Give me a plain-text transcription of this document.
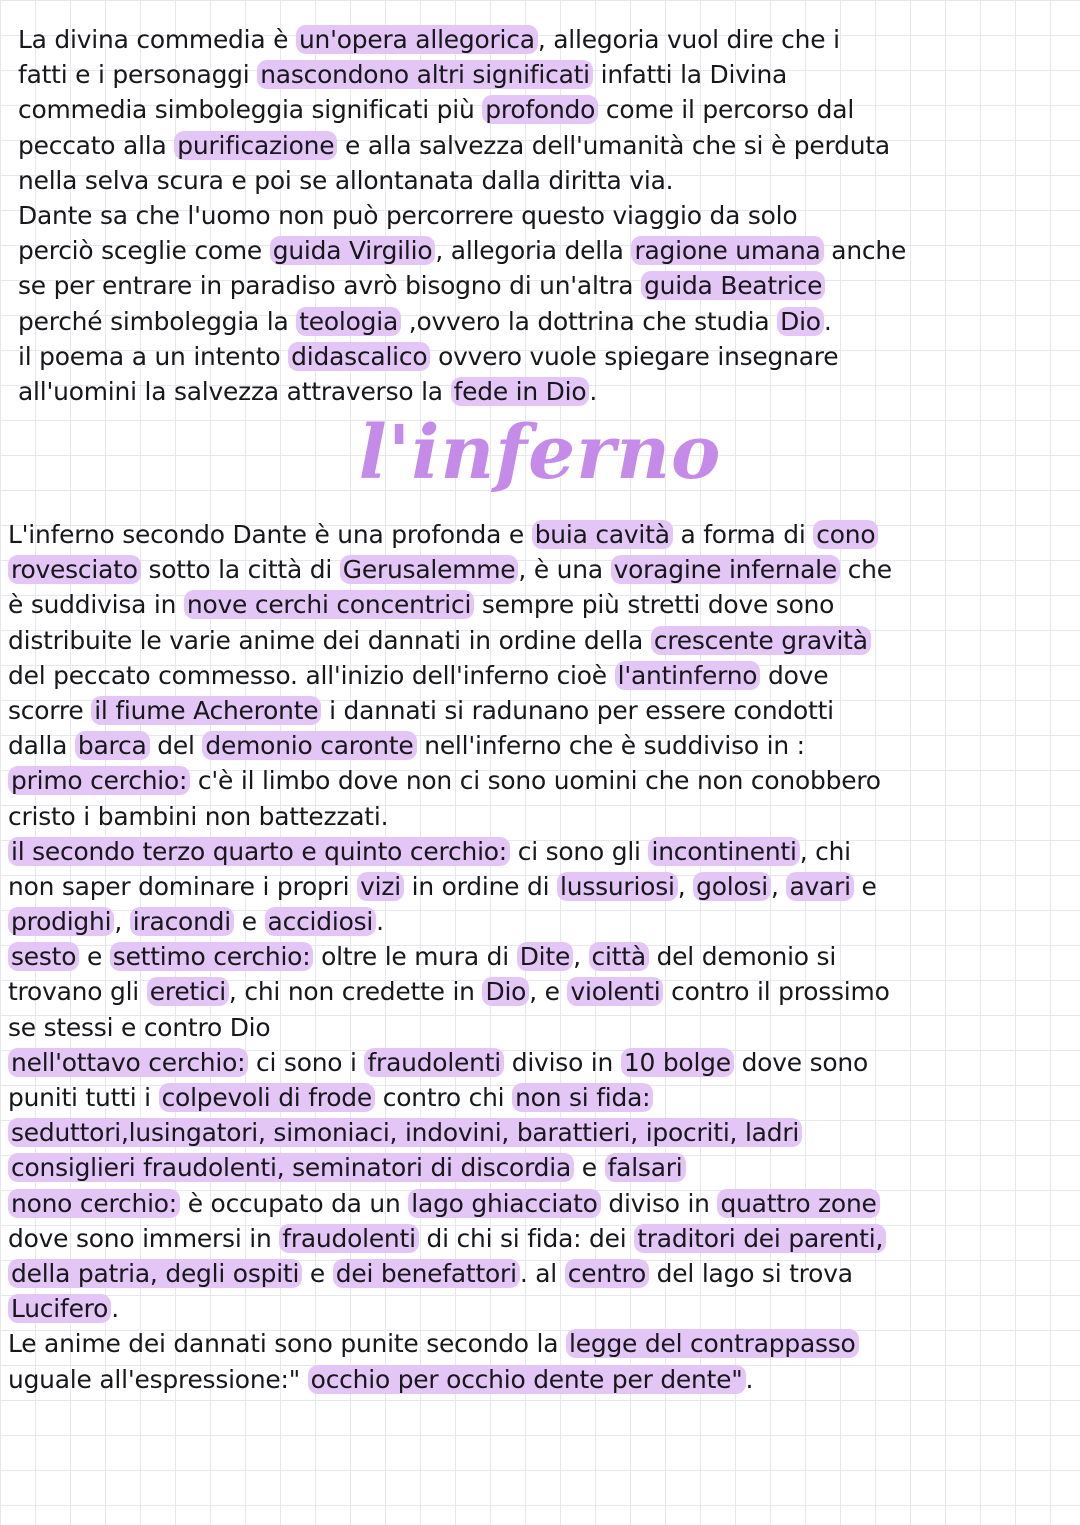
La divina commedia è un'opera allegorica , allegoria vuol dire che i
fatti e i personaggi nascondono altri significati infatti la Divina
commedia simboleggia significati più profondo come il percorso dal
peccato alla purificazione e alla salvezza dell'umanità che si è perduta
nella selva scura e poi se allontanata dalla diritta via.
Dante sa che l'uomo non può percorrere questo viaggio da solo
perciò sceglie come guida Virgilio , allegoria della ragione umana anche
se per entrare in paradiso avrò bisogno di un'altra guida Beatrice
perché simboleggia la teologia ,ovvero la dottrina che studia Dio .
il poema a un intento didascalico ovvero vuole spiegare insegnare
all'uomini la salvezza attraverso la fede in Dio .
l'inferno
L'inferno secondo Dante è una profonda e buia cavità a forma di cono
rovesciato sotto la città di Gerusalemme , è una voragine infernale che
è suddivisa in nove cerchi concentrici sempre più stretti dove sono
distribuite le varie anime dei dannati in ordine della crescente gravità
del peccato commesso. all'inizio dell'inferno cioè l'antinferno dove
scorre il fiume Acheronte i dannati si radunano per essere condotti
dalla barca del demonio caronte nell'inferno che è suddiviso in :
primo cerchio: c'è il limbo dove non ci sono uomini che non conobbero
cristo i bambini non battezzati.
il secondo terzo quarto e quinto cerchio: ci sono gli incontinenti , chi
non saper dominare i propri vizi in ordine di lussuriosi , golosi , avari e
prodighi , iracondi e accidiosi .
sesto e settimo cerchio: oltre le mura di Dite , città del demonio si
trovano gli eretici , chi non credette in Dio , e violenti contro il prossimo
se stessi e contro Dio
nell'ottavo cerchio: ci sono i fraudolenti diviso in 10 bolge dove sono
puniti tutti i colpevoli di frode contro chi non si fida:
seduttori,lusingatori, simoniaci, indovini, barattieri, ipocriti, ladri
consiglieri fraudolenti, seminatori di discordia e falsari
nono cerchio: è occupato da un lago ghiacciato diviso in quattro zone
dove sono immersi in fraudolenti di chi si fida: dei traditori dei parenti,
della patria, degli ospiti e dei benefattori . al centro del lago si trova
Lucifero .
Le anime dei dannati sono punite secondo la legge del contrappasso
uguale all'espressione:" occhio per occhio dente per dente" .
